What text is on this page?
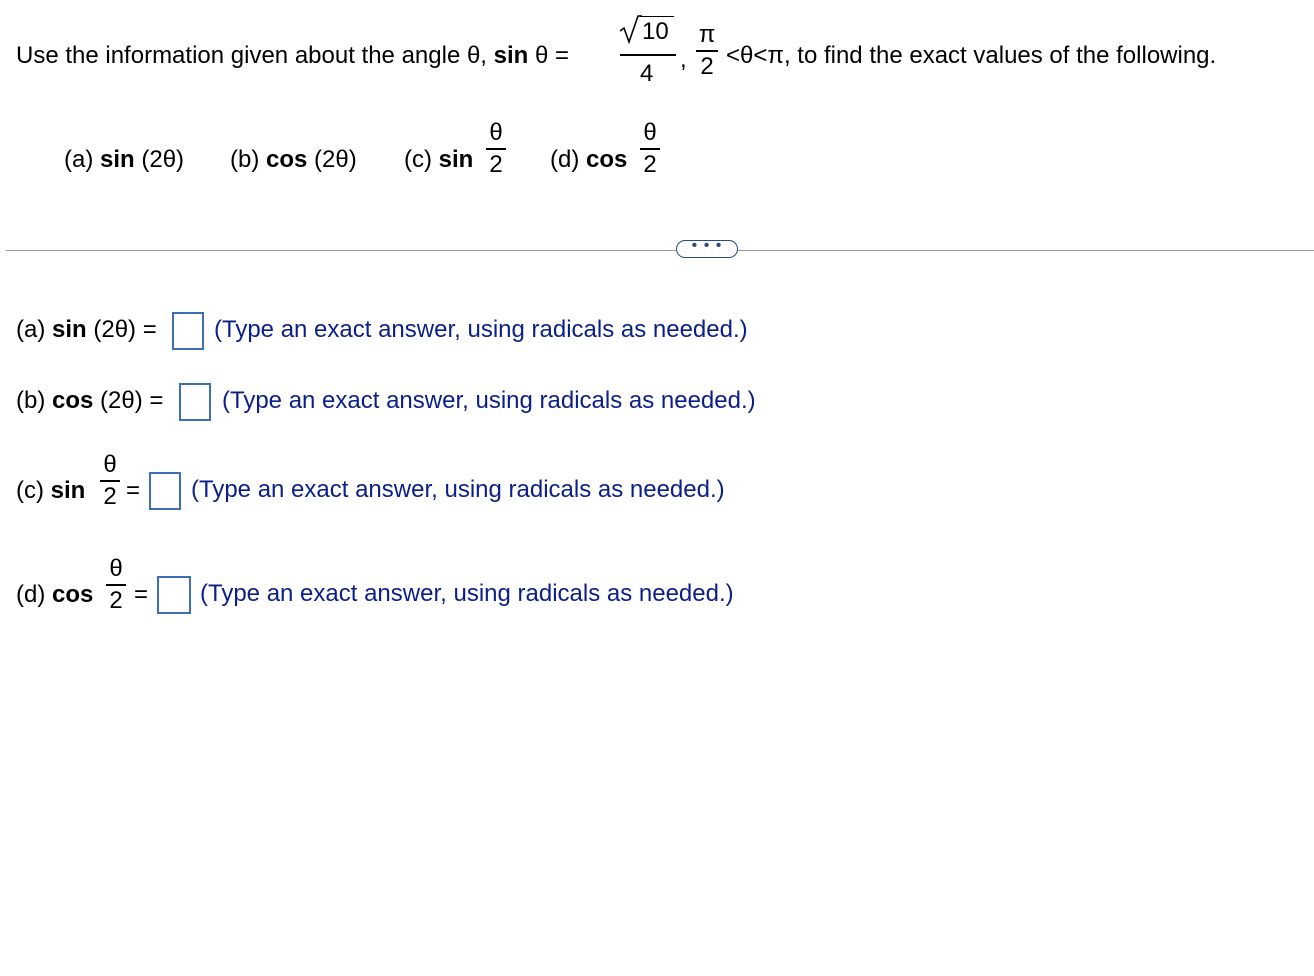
Use the information given about the angle θ, sin θ =
10
4
,
π
2 <θ<π, to find the exact values of the following.
(a) sin (2θ) (b) cos (2θ) (c) sin
θ
2 (d) cos
θ
2
• • •
(a) sin (2θ) = (Type an exact answer, using radicals as needed.)
(b) cos (2θ) = (Type an exact answer, using radicals as needed.)
(c) sin
θ
2 = (Type an exact answer, using radicals as needed.)
(d) cos
θ
2 = (Type an exact answer, using radicals as needed.)
